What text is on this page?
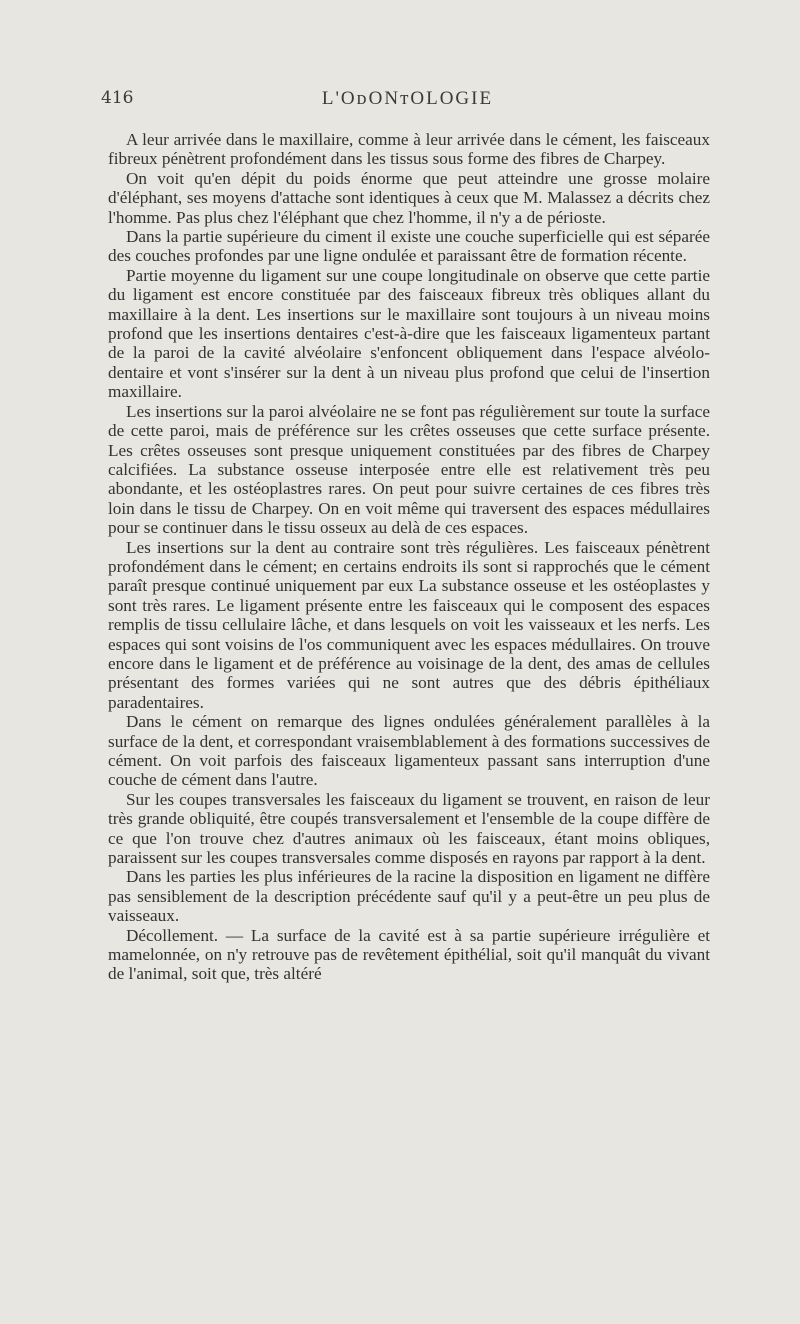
416	L'OᴅONᴛOLOGIE

A leur arrivée dans le maxillaire, comme à leur arrivée dans le cément, les faisceaux fibreux pénètrent profondément dans les tissus sous forme des fibres de Charpey.

On voit qu'en dépit du poids énorme que peut atteindre une grosse molaire d'éléphant, ses moyens d'attache sont identiques à ceux que M. Malassez a décrits chez l'homme. Pas plus chez l'éléphant que chez l'homme, il n'y a de périoste.

Dans la partie supérieure du ciment il existe une couche superficielle qui est séparée des couches profondes par une ligne ondulée et paraissant être de formation récente.

Partie moyenne du ligament sur une coupe longitudinale on observe que cette partie du ligament est encore constituée par des faisceaux fibreux très obliques allant du maxillaire à la dent. Les insertions sur le maxillaire sont toujours à un niveau moins profond que les insertions dentaires c'est-à-dire que les faisceaux ligamenteux partant de la paroi de la cavité alvéolaire s'enfoncent obliquement dans l'espace alvéolo-dentaire et vont s'insérer sur la dent à un niveau plus profond que celui de l'insertion maxillaire.

Les insertions sur la paroi alvéolaire ne se font pas régulièrement sur toute la surface de cette paroi, mais de préférence sur les crêtes osseuses que cette surface présente. Les crêtes osseuses sont presque uniquement constituées par des fibres de Charpey calcifiées. La substance osseuse interposée entre elle est relativement très peu abondante, et les ostéoplastres rares. On peut pour suivre certaines de ces fibres très loin dans le tissu de Charpey. On en voit même qui traversent des espaces médullaires pour se continuer dans le tissu osseux au delà de ces espaces.

Les insertions sur la dent au contraire sont très régulières. Les faisceaux pénètrent profondément dans le cément; en certains endroits ils sont si rapprochés que le cément paraît presque continué uniquement par eux La substance osseuse et les ostéoplastes y sont très rares. Le ligament présente entre les faisceaux qui le composent des espaces remplis de tissu cellulaire lâche, et dans lesquels on voit les vaisseaux et les nerfs. Les espaces qui sont voisins de l'os communiquent avec les espaces médullaires. On trouve encore dans le ligament et de préférence au voisinage de la dent, des amas de cellules présentant des formes variées qui ne sont autres que des débris épithéliaux paradentaires.

Dans le cément on remarque des lignes ondulées généralement parallèles à la surface de la dent, et correspondant vraisemblablement à des formations successives de cément. On voit parfois des faisceaux ligamenteux passant sans interruption d'une couche de cément dans l'autre.

Sur les coupes transversales les faisceaux du ligament se trouvent, en raison de leur très grande obliquité, être coupés transversalement et l'ensemble de la coupe diffère de ce que l'on trouve chez d'autres animaux où les faisceaux, étant moins obliques, paraissent sur les coupes transversales comme disposés en rayons par rapport à la dent.

Dans les parties les plus inférieures de la racine la disposition en ligament ne diffère pas sensiblement de la description précédente sauf qu'il y a peut-être un peu plus de vaisseaux.

Décollement. — La surface de la cavité est à sa partie supérieure irrégulière et mamelonnée, on n'y retrouve pas de revêtement épithélial, soit qu'il manquât du vivant de l'animal, soit que, très altéré
